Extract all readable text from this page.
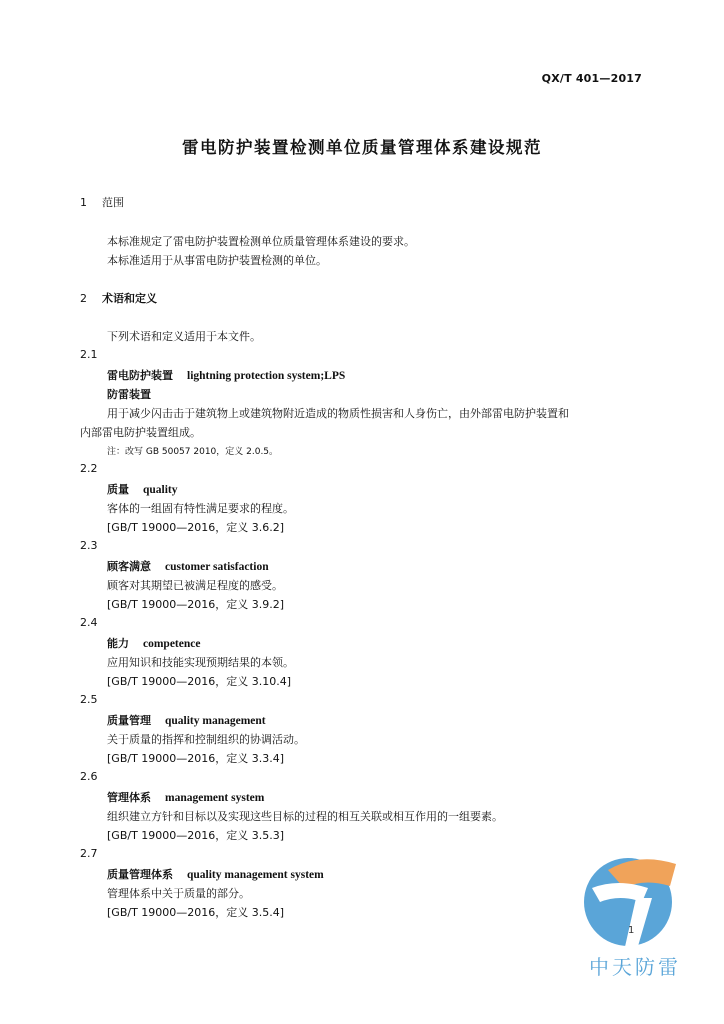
QX/T 401—2017
雷电防护装置检测单位质量管理体系建设规范
1 范围
本标准规定了雷电防护装置检测单位质量管理体系建设的要求。
本标准适用于从事雷电防护装置检测的单位。
2 术语和定义
下列术语和定义适用于本文件。
2.1
雷电防护装置 lightning protection system;LPS
防雷装置
用于减少闪击击于建筑物上或建筑物附近造成的物质性损害和人身伤亡，由外部雷电防护装置和
内部雷电防护装置组成。
注：改写 GB 50057 2010，定义 2.0.5。
2.2
质量 quality
客体的一组固有特性满足要求的程度。
[GB/T 19000—2016，定义 3.6.2]
2.3
顾客满意 customer satisfaction
顾客对其期望已被满足程度的感受。
[GB/T 19000—2016，定义 3.9.2]
2.4
能力 competence
应用知识和技能实现预期结果的本领。
[GB/T 19000—2016，定义 3.10.4]
2.5
质量管理 quality management
关于质量的指挥和控制组织的协调活动。
[GB/T 19000—2016，定义 3.3.4]
2.6
管理体系 management system
组织建立方针和目标以及实现这些目标的过程的相互关联或相互作用的一组要素。
[GB/T 19000—2016，定义 3.5.3]
2.7
质量管理体系 quality management system
管理体系中关于质量的部分。
[GB/T 19000—2016，定义 3.5.4]
中天防雷
1
